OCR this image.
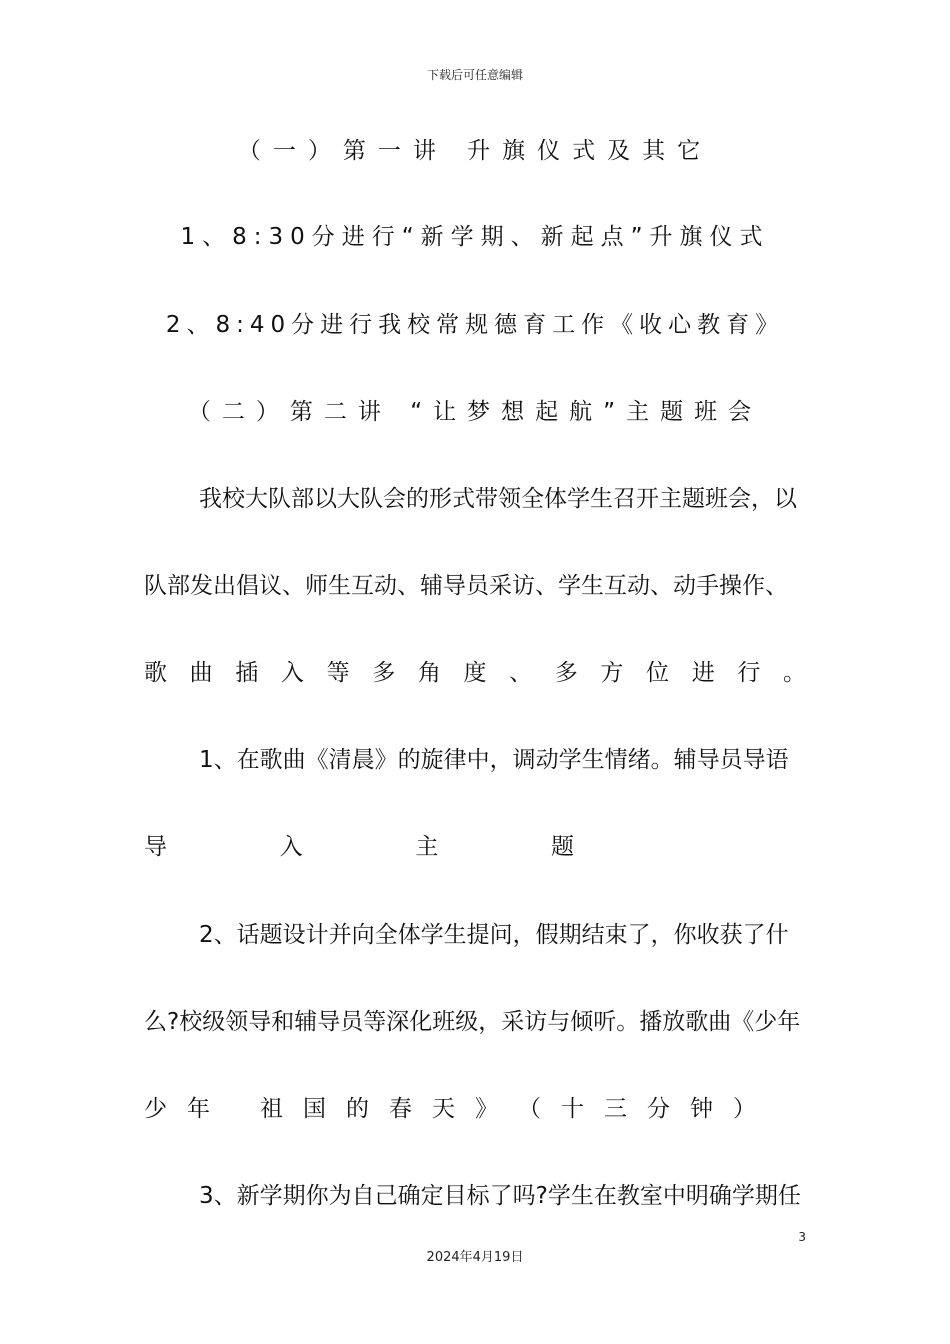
下载后可任意编辑
（一）第一讲 升旗仪式及其它
1、8:30分进行“新学期、新起点”升旗仪式
2、8:40分进行我校常规德育工作《收心教育》
（二）第二讲 “让梦想起航”主题班会
我校大队部以大队会的形式带领全体学生召开主题班会，以
队部发出倡议、师生互动、辅导员采访、学生互动、动手操作、
歌 曲 插 入 等 多 角 度 、 多 方 位 进 行 。
1、在歌曲《清晨》的旋律中，调动学生情绪。辅导员导语
导	入	主	题
2、话题设计并向全体学生提问，假期结束了，你收获了什
么?校级领导和辅导员等深化班级，采访与倾听。播放歌曲《少年
少 年 祖 国 的 春 天 》 （ 十 三 分 钟 ）
3、新学期你为自己确定目标了吗?学生在教室中明确学期任
3
2024年4月19日
